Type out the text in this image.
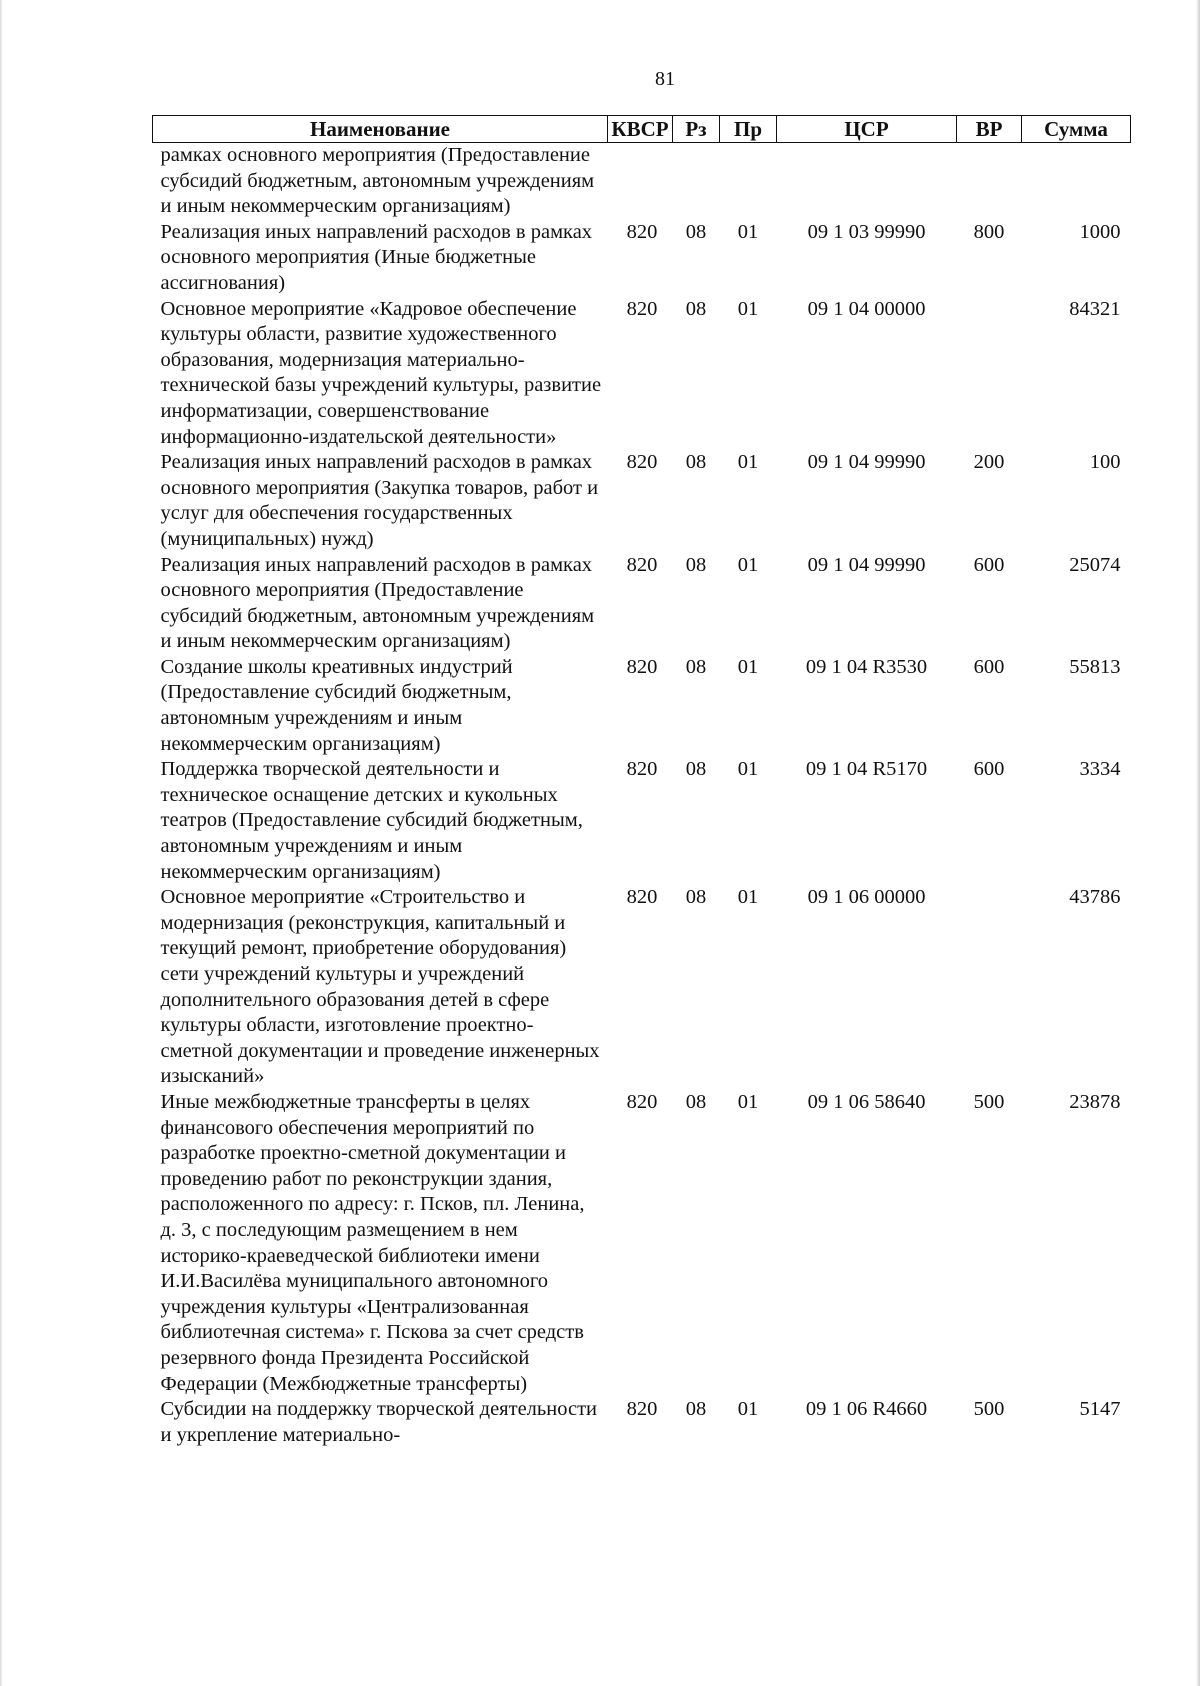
81
Наименование	КВСР	Рз	Пр	ЦСР	ВР	Сумма
рамках основного мероприятия (Предоставление субсидий бюджетным, автономным учреждениям и иным некоммерческим организациям)						
Реализация иных направлений расходов в рамках основного мероприятия (Иные бюджетные ассигнования)	820	08	01	09 1 03 99990	800	1000
Основное мероприятие «Кадровое обеспечение культуры области, развитие художественного образования, модернизация материально-технической базы учреждений культуры, развитие информатизации, совершенствование информационно-издательской деятельности»	820	08	01	09 1 04 00000		84321
Реализация иных направлений расходов в рамках основного мероприятия (Закупка товаров, работ и услуг для обеспечения государственных (муниципальных) нужд)	820	08	01	09 1 04 99990	200	100
Реализация иных направлений расходов в рамках основного мероприятия (Предоставление субсидий бюджетным, автономным учреждениям и иным некоммерческим организациям)	820	08	01	09 1 04 99990	600	25074
Создание школы креативных индустрий (Предоставление субсидий бюджетным, автономным учреждениям и иным некоммерческим организациям)	820	08	01	09 1 04 R3530	600	55813
Поддержка творческой деятельности и техническое оснащение детских и кукольных театров (Предоставление субсидий бюджетным, автономным учреждениям и иным некоммерческим организациям)	820	08	01	09 1 04 R5170	600	3334
Основное мероприятие «Строительство и модернизация (реконструкция, капитальный и текущий ремонт, приобретение оборудования) сети учреждений культуры и учреждений дополнительного образования детей в сфере культуры области, изготовление проектно-сметной документации и проведение инженерных изысканий»	820	08	01	09 1 06 00000		43786
Иные межбюджетные трансферты в целях финансового обеспечения мероприятий по разработке проектно-сметной документации и проведению работ по реконструкции здания, расположенного по адресу: г. Псков, пл. Ленина, д. 3, с последующим размещением в нем историко-краеведческой библиотеки имени И.И.Василёва муниципального автономного учреждения культуры «Централизованная библиотечная система» г. Пскова за счет средств резервного фонда Президента Российской Федерации (Межбюджетные трансферты)	820	08	01	09 1 06 58640	500	23878
Субсидии на поддержку творческой деятельности и укрепление материально-	820	08	01	09 1 06 R4660	500	5147
